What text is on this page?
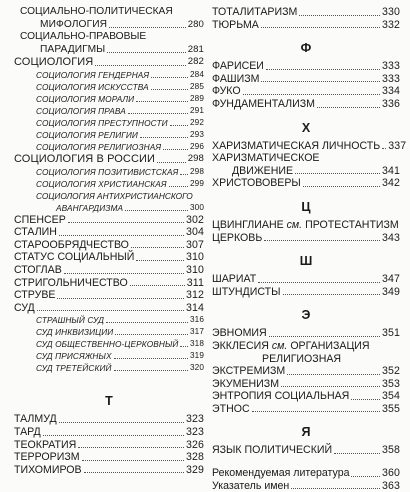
СОЦИАЛЬНО-ПОЛИТИЧЕСКАЯ
МИФОЛОГИЯ	280
СОЦИАЛЬНО-ПРАВОВЫЕ
ПАРАДИГМЫ	281
СОЦИОЛОГИЯ	282
СОЦИОЛОГИЯ ГЕНДЕРНАЯ	284
СОЦИОЛОГИЯ ИСКУССТВА	285
СОЦИОЛОГИЯ МОРАЛИ	289
СОЦИОЛОГИЯ ПРАВА	291
СОЦИОЛОГИЯ ПРЕСТУПНОСТИ	292
СОЦИОЛОГИЯ РЕЛИГИИ	293
СОЦИОЛОГИЯ РЕЛИГИОЗНАЯ	296
СОЦИОЛОГИЯ В РОССИИ	298
СОЦИОЛОГИЯ ПОЗИТИВИСТСКАЯ 298
СОЦИОЛОГИЯ ХРИСТИАНСКАЯ	299
СОЦИОЛОГИЯ АНТИХРИСТИАНСКОГО
АВАНГАРДИЗМА	300
СПЕНСЕР	302
СТАЛИН	304
СТАРООБРЯДЧЕСТВО	307
СТАТУС СОЦИАЛЬНЫЙ	310
СТОГЛАВ	310
СТРИГОЛЬНИЧЕСТВО	311
СТРУВЕ	312
СУД	314
СТРАШНЫЙ СУД	316
СУД ИНКВИЗИЦИИ	317
СУД ОБЩЕСТВЕННО-ЦЕРКОВНЫЙ 318
СУД ПРИСЯЖНЫХ	319
СУД ТРЕТЕЙСКИЙ	320
Т
ТАЛМУД	323
ТАРД	323
ТЕОКРАТИЯ	326
ТЕРРОРИЗМ	328
ТИХОМИРОВ	329
ТОТАЛИТАРИЗМ	330
ТЮРЬМА	332
Ф
ФАРИСЕИ	333
ФАШИЗМ	333
ФУКО	334
ФУНДАМЕНТАЛИЗМ	336
Х
ХАРИЗМАТИЧЕСКАЯ ЛИЧНОСТЬ 337
ХАРИЗМАТИЧЕСКОЕ
ДВИЖЕНИЕ	341
ХРИСТОВОВЕРЫ	342
Ц
ЦВИНГЛИАНЕ см. ПРОТЕСТАНТИЗМ
ЦЕРКОВЬ	343
Ш
ШАРИАТ	347
ШТУНДИСТЫ	349
Э
ЭВНОМИЯ	351
ЭККЛЕСИЯ см. ОРГАНИЗАЦИЯ
РЕЛИГИОЗНАЯ
ЭКСТРЕМИЗМ	352
ЭКУМЕНИЗМ	353
ЭНТРОПИЯ СОЦИАЛЬНАЯ	354
ЭТНОС	355
Я
ЯЗЫК ПОЛИТИЧЕСКИЙ	358
Рекомендуемая литература	360
Указатель имен	363
